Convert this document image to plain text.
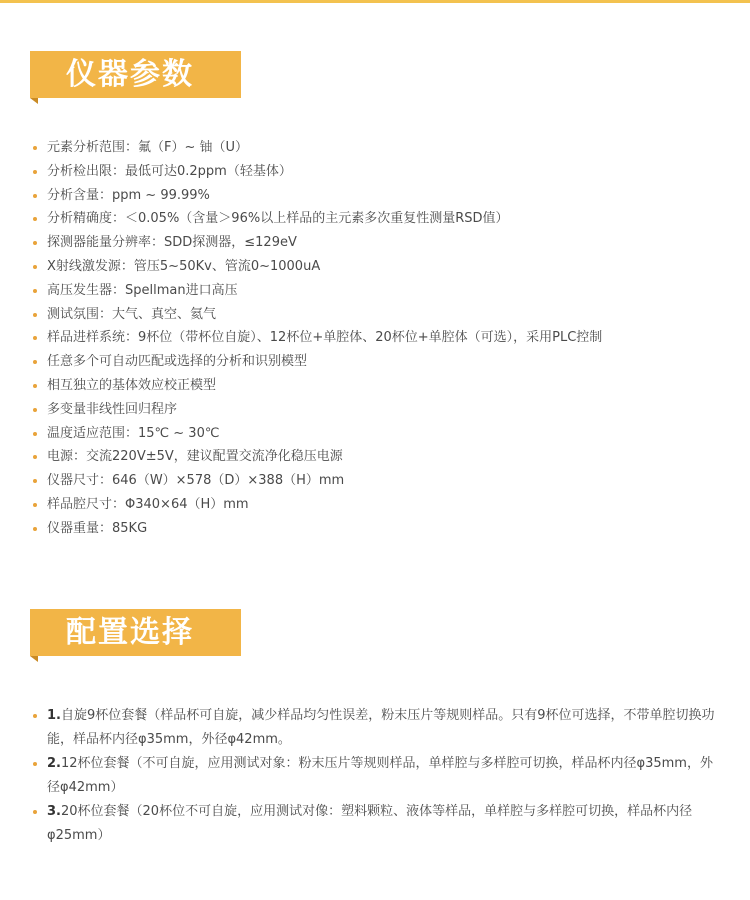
仪器参数
元素分析范围：氟（F）~ 铀（U）
分析检出限：最低可达0.2ppm（轻基体）
分析含量：ppm ~ 99.99%
分析精确度：＜0.05%（含量＞96%以上样品的主元素多次重复性测量RSD值）
探测器能量分辨率：SDD探测器，≤129eV
X射线激发源：管压5~50Kv、管流0~1000uA
高压发生器：Spellman进口高压
测试氛围：大气、真空、氦气
样品进样系统：9杯位（带杯位自旋）、12杯位+单腔体、20杯位+单腔体（可选），采用PLC控制
任意多个可自动匹配或选择的分析和识别模型
相互独立的基体效应校正模型
多变量非线性回归程序
温度适应范围：15℃ ~ 30℃
电源：交流220V±5V，建议配置交流净化稳压电源
仪器尺寸：646（W）×578（D）×388（H）mm
样品腔尺寸：Φ340×64（H）mm
仪器重量：85KG
配置选择
1.自旋9杯位套餐（样品杯可自旋，减少样品均匀性误差，粉末压片等规则样品。只有9杯位可选择，不带单腔切换功能，样品杯内径φ35mm，外径φ42mm。
2.12杯位套餐（不可自旋，应用测试对象：粉末压片等规则样品，单样腔与多样腔可切换，样品杯内径φ35mm，外径φ42mm）
3.20杯位套餐（20杯位不可自旋，应用测试对像：塑料颗粒、液体等样品，单样腔与多样腔可切换，样品杯内径φ25mm）
